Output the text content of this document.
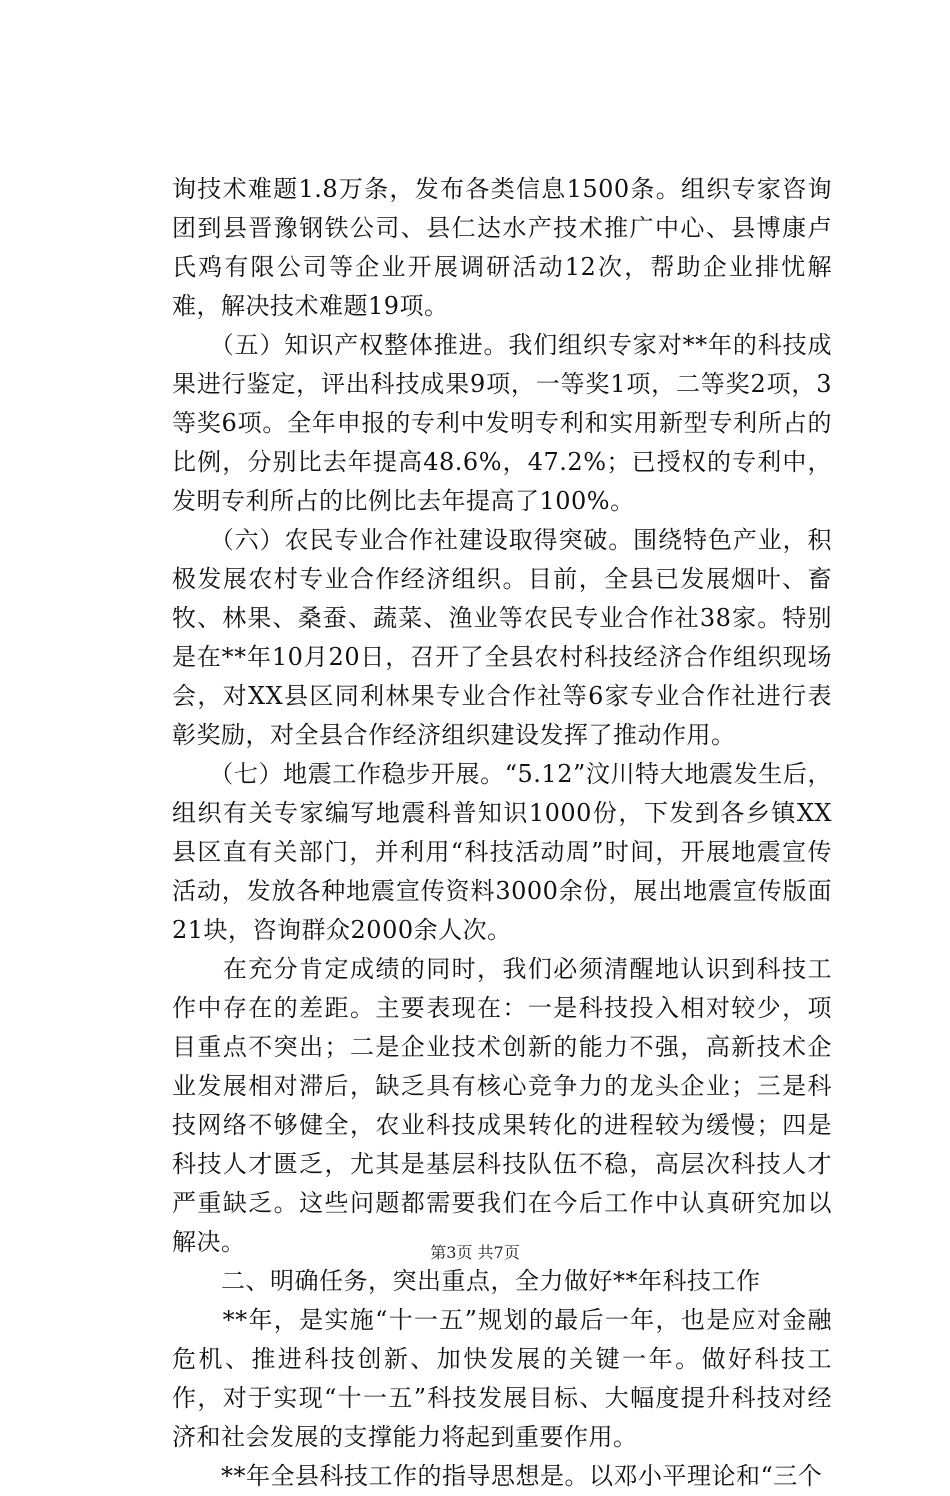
询技术难题1.8万条，发布各类信息1500条。组织专家咨询团到县晋豫钢铁公司、县仁达水产技术推广中心、县博康卢氏鸡有限公司等企业开展调研活动12次，帮助企业排忧解难，解决技术难题19项。

　　（五）知识产权整体推进。我们组织专家对**年的科技成果进行鉴定，评出科技成果9项，一等奖1项，二等奖2项，3等奖6项。全年申报的专利中发明专利和实用新型专利所占的比例，分别比去年提高48.6%，47.2%；已授权的专利中，发明专利所占的比例比去年提高了100%。

　　（六）农民专业合作社建设取得突破。围绕特色产业，积极发展农村专业合作经济组织。目前，全县已发展烟叶、畜牧、林果、桑蚕、蔬菜、渔业等农民专业合作社38家。特别是在**年10月20日，召开了全县农村科技经济合作组织现场会，对XX县区同利林果专业合作社等6家专业合作社进行表彰奖励，对全县合作经济组织建设发挥了推动作用。

　　（七）地震工作稳步开展。“5.12”汶川特大地震发生后，组织有关专家编写地震科普知识1000份，下发到各乡镇XX县区直有关部门，并利用“科技活动周”时间，开展地震宣传活动，发放各种地震宣传资料3000余份，展出地震宣传版面21块，咨询群众2000余人次。

　　在充分肯定成绩的同时，我们必须清醒地认识到科技工作中存在的差距。主要表现在：一是科技投入相对较少，项目重点不突出；二是企业技术创新的能力不强，高新技术企业发展相对滞后，缺乏具有核心竞争力的龙头企业；三是科技网络不够健全，农业科技成果转化的进程较为缓慢；四是科技人才匮乏，尤其是基层科技队伍不稳，高层次科技人才严重缺乏。这些问题都需要我们在今后工作中认真研究加以解决。

　　二、明确任务，突出重点，全力做好**年科技工作

　　**年，是实施“十一五”规划的最后一年，也是应对金融危机、推进科技创新、加快发展的关键一年。做好科技工作，对于实现“十一五”科技发展目标、大幅度提升科技对经济和社会发展的支撑能力将起到重要作用。

　　**年全县科技工作的指导思想是。以邓小平理论和“三个

第3页 共7页
